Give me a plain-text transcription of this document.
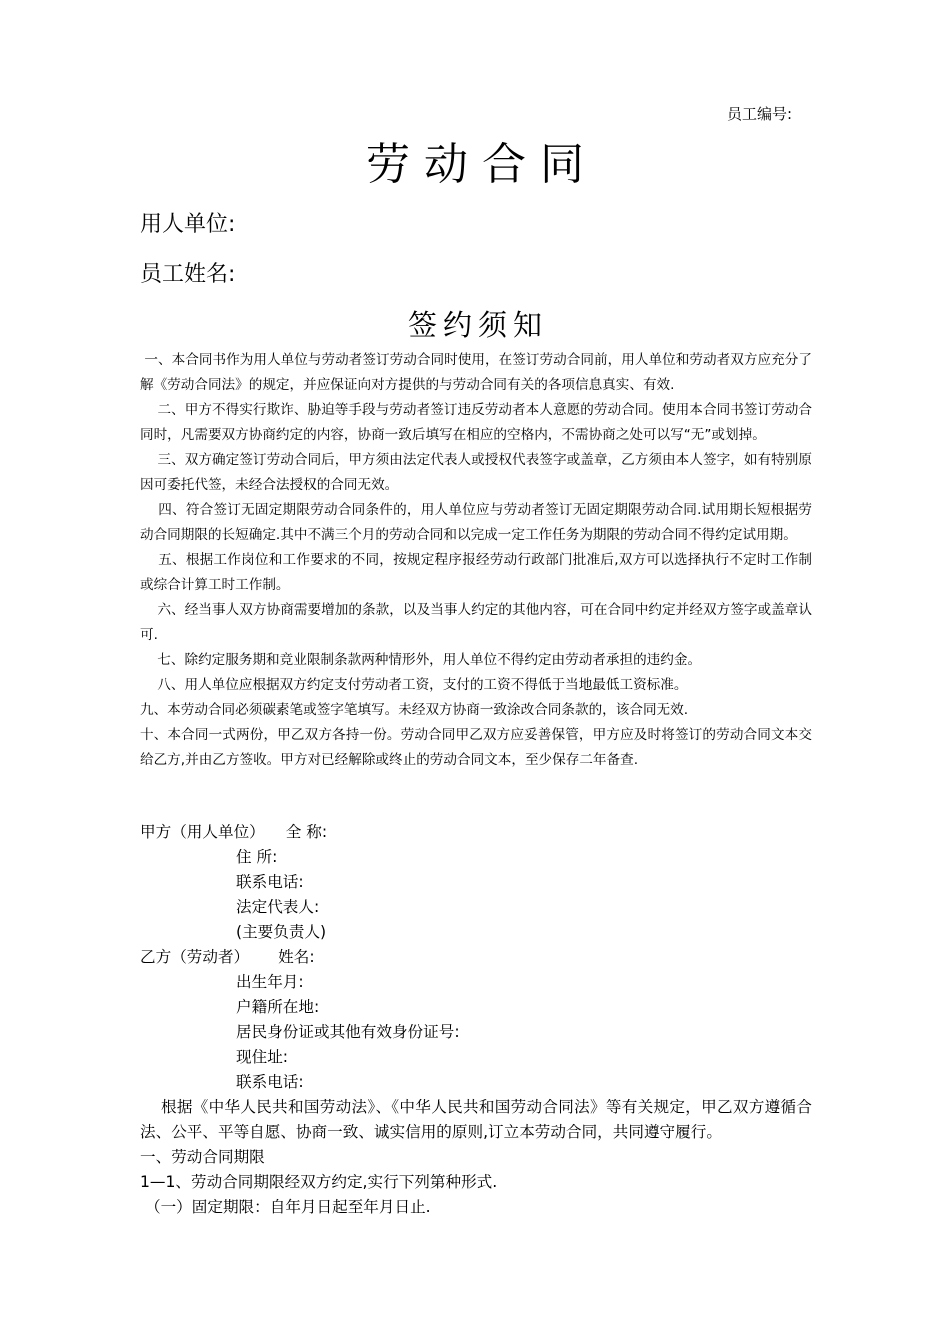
员工编号:
劳动合同
用人单位:
员工姓名:
签约须知

一、本合同书作为用人单位与劳动者签订劳动合同时使用，在签订劳动合同前，用人单位和劳动者双方应充分了解《劳动合同法》的规定，并应保证向对方提供的与劳动合同有关的各项信息真实、有效.

二、甲方不得实行欺诈、胁迫等手段与劳动者签订违反劳动者本人意愿的劳动合同。使用本合同书签订劳动合同时，凡需要双方协商约定的内容，协商一致后填写在相应的空格内，不需协商之处可以写“无”或划掉。

三、双方确定签订劳动合同后，甲方须由法定代表人或授权代表签字或盖章，乙方须由本人签字，如有特别原因可委托代签，未经合法授权的合同无效。

四、符合签订无固定期限劳动合同条件的，用人单位应与劳动者签订无固定期限劳动合同.试用期长短根据劳动合同期限的长短确定.其中不满三个月的劳动合同和以完成一定工作任务为期限的劳动合同不得约定试用期。

五、根据工作岗位和工作要求的不同，按规定程序报经劳动行政部门批准后,双方可以选择执行不定时工作制或综合计算工时工作制。

六、经当事人双方协商需要增加的条款，以及当事人约定的其他内容，可在合同中约定并经双方签字或盖章认可.

七、除约定服务期和竞业限制条款两种情形外，用人单位不得约定由劳动者承担的违约金。

八、用人单位应根据双方约定支付劳动者工资，支付的工资不得低于当地最低工资标准。

九、本劳动合同必须碳素笔或签字笔填写。未经双方协商一致涂改合同条款的，该合同无效.

十、本合同一式两份，甲乙双方各持一份。劳动合同甲乙双方应妥善保管，甲方应及时将签订的劳动合同文本交给乙方,并由乙方签收。甲方对已经解除或终止的劳动合同文本，至少保存二年备查.

甲方（用人单位） 全 称:
住 所:
联系电话:
法定代表人:
(主要负责人)
乙方（劳动者） 姓名:
出生年月:
户籍所在地:
居民身份证或其他有效身份证号:
现住址:
联系电话:

根据《中华人民共和国劳动法》、《中华人民共和国劳动合同法》等有关规定，甲乙双方遵循合法、公平、平等自愿、协商一致、诚实信用的原则,订立本劳动合同，共同遵守履行。

一、劳动合同期限

1—1、劳动合同期限经双方约定,实行下列第种形式.

（一）固定期限：自年月日起至年月日止.
